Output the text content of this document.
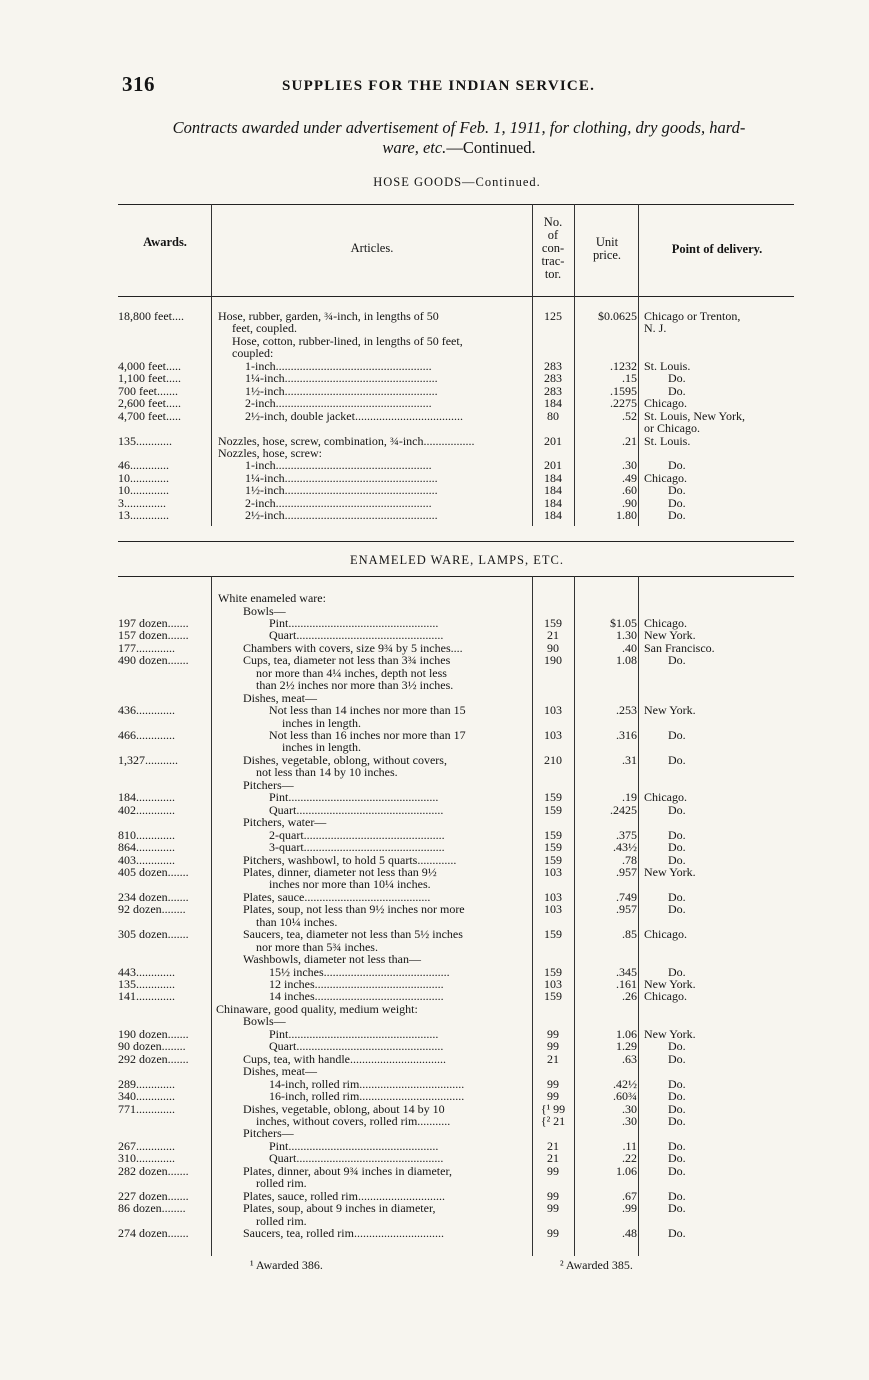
316	SUPPLIES FOR THE INDIAN SERVICE.
Contracts awarded under advertisement of Feb. 1, 1911, for clothing, dry goods, hard-
ware, etc.—Continued.
HOSE GOODS—Continued.
Awards.	Articles.
No.
of
con-
trac-
tor.
Unit
price.	Point of delivery.
ENAMELED WARE, LAMPS, ETC.
18,800 feet....	Hose, rubber, garden, ¾-inch, in lengths of 50	125	$0.0625 Chicago or Trenton,
feet, coupled.	N. J.
Hose, cotton, rubber-lined, in lengths of 50 feet,
coupled:
4,000 feet.....	1-inch....................................................	283	.1232 St. Louis.
1,100 feet.....	1¼-inch...................................................	283	.15	Do.
700 feet.......	1½-inch...................................................	283	.1595	Do.
2,600 feet.....	2-inch....................................................	184	.2275 Chicago.
4,700 feet.....	2½-inch, double jacket....................................	80	.52 St. Louis, New York,
or Chicago.
135............	Nozzles, hose, screw, combination, ¾-inch.................	201	.21 St. Louis.
Nozzles, hose, screw:
46.............	1-inch....................................................	201	.30	Do.
10.............	1¼-inch...................................................	184	.49 Chicago.
10.............	1½-inch...................................................	184	.60	Do.
3..............	2-inch....................................................	184	.90	Do.
13.............	2½-inch...................................................	184	1.80	Do.
White enameled ware:
Bowls—
197 dozen.......	Pint..................................................	159	$1.05 Chicago.
157 dozen.......	Quart.................................................	21	1.30 New York.
177.............	Chambers with covers, size 9¾ by 5 inches....	90	.40 San Francisco.
490 dozen.......	Cups, tea, diameter not less than 3¾ inches	190	1.08	Do.
nor more than 4¼ inches, depth not less
than 2½ inches nor more than 3½ inches.
Dishes, meat—
436.............	Not less than 14 inches nor more than 15	103	.253 New York.
inches in length.
466.............	Not less than 16 inches nor more than 17	103	.316	Do.
inches in length.
1,327...........	Dishes, vegetable, oblong, without covers,	210	.31	Do.
not less than 14 by 10 inches.
Pitchers—
184.............	Pint..................................................	159	.19 Chicago.
402.............	Quart.................................................	159	.2425	Do.
Pitchers, water—
810.............	2-quart...............................................	159	.375	Do.
864.............	3-quart...............................................	159	.43½	Do.
403.............	Pitchers, washbowl, to hold 5 quarts.............	159	.78	Do.
405 dozen.......	Plates, dinner, diameter not less than 9½	103	.957 New York.
inches nor more than 10¼ inches.
234 dozen.......	Plates, sauce..........................................	103	.749	Do.
92 dozen........	Plates, soup, not less than 9½ inches nor more	103	.957	Do.
than 10¼ inches.
305 dozen.......	Saucers, tea, diameter not less than 5½ inches	159	.85 Chicago.
nor more than 5¾ inches.
Washbowls, diameter not less than—
443.............	15½ inches..........................................	159	.345	Do.
135.............	12 inches...........................................	103	.161 New York.
141.............	14 inches...........................................	159	.26 Chicago.
Chinaware, good quality, medium weight:
Bowls—
190 dozen.......	Pint..................................................	99	1.06 New York.
90 dozen........	Quart.................................................	99	1.29	Do.
292 dozen.......	Cups, tea, with handle................................	21	.63	Do.
Dishes, meat—
289.............	14-inch, rolled rim...................................	99	.42½	Do.
340.............	16-inch, rolled rim...................................	99	.60¾	Do.
771.............	Dishes, vegetable, oblong, about 14 by 10	{¹ 99	.30	Do.
inches, without covers, rolled rim...........	{² 21	.30	Do.
Pitchers—
267.............	Pint..................................................	21	.11	Do.
310.............	Quart.................................................	21	.22	Do.
282 dozen.......	Plates, dinner, about 9¾ inches in diameter,	99	1.06	Do.
rolled rim.
227 dozen.......	Plates, sauce, rolled rim.............................	99	.67	Do.
86 dozen........	Plates, soup, about 9 inches in diameter,	99	.99	Do.
rolled rim.
274 dozen.......	Saucers, tea, rolled rim..............................	99	.48	Do.
¹ Awarded 386.	² Awarded 385.
